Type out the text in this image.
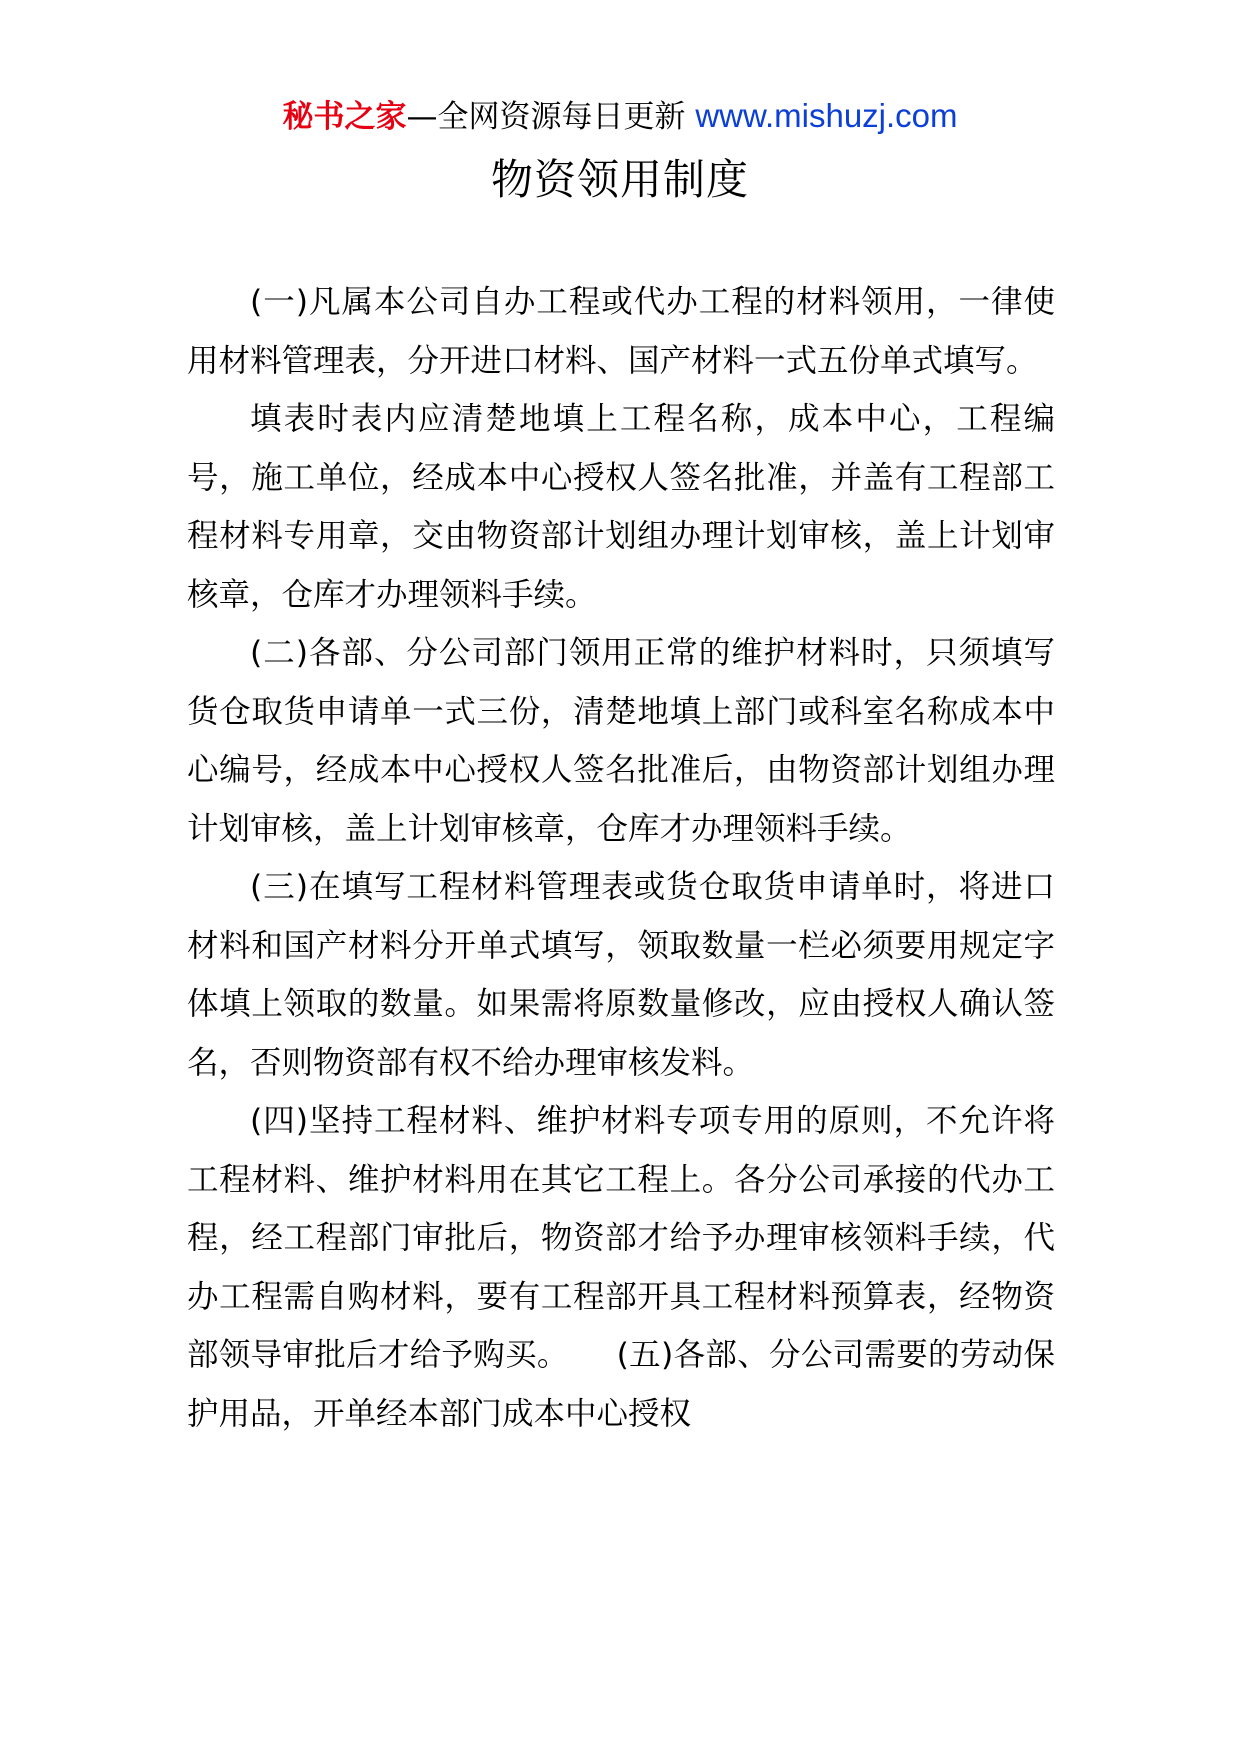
秘书之家—全网资源每日更新 www.mishuzj.com
物资领用制度

(一)凡属本公司自办工程或代办工程的材料领用，一律使用材料管理表，分开进口材料、国产材料一式五份单式填写。

填表时表内应清楚地填上工程名称，成本中心，工程编号，施工单位，经成本中心授权人签名批准，并盖有工程部工程材料专用章，交由物资部计划组办理计划审核，盖上计划审核章，仓库才办理领料手续。

(二)各部、分公司部门领用正常的维护材料时，只须填写货仓取货申请单一式三份，清楚地填上部门或科室名称成本中心编号，经成本中心授权人签名批准后，由物资部计划组办理计划审核，盖上计划审核章，仓库才办理领料手续。

(三)在填写工程材料管理表或货仓取货申请单时，将进口材料和国产材料分开单式填写，领取数量一栏必须要用规定字体填上领取的数量。如果需将原数量修改，应由授权人确认签名，否则物资部有权不给办理审核发料。

(四)坚持工程材料、维护材料专项专用的原则，不允许将工程材料、维护材料用在其它工程上。各分公司承接的代办工程，经工程部门审批后，物资部才给予办理审核领料手续，代办工程需自购材料，要有工程部开具工程材料预算表，经物资部领导审批后才给予购买。　　(五)各部、分公司需要的劳动保护用品，开单经本部门成本中心授权
